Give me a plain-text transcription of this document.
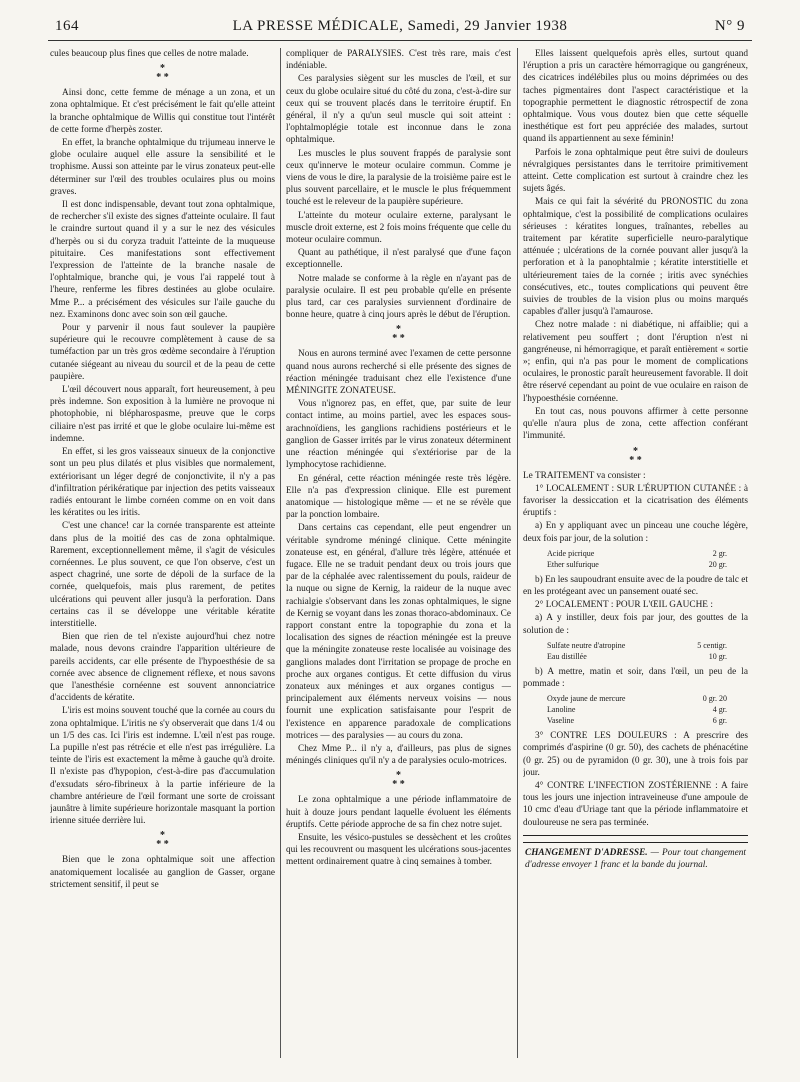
164	LA PRESSE MÉDICALE, Samedi, 29 Janvier 1938	N° 9

cules beaucoup plus fines que celles de notre malade.

*
* *

Ainsi donc, cette femme de ménage a un zona, et un zona ophtalmique. Et c'est précisément le fait qu'elle atteint la branche ophtalmique de Willis qui constitue tout l'intérêt de cette forme d'herpès zoster.

En effet, la branche ophtalmique du trijumeau innerve le globe oculaire auquel elle assure la sensibilité et le trophisme. Aussi son atteinte par le virus zonateux peut-elle déterminer sur l'œil des troubles oculaires plus ou moins graves.

Il est donc indispensable, devant tout zona ophtalmique, de rechercher s'il existe des signes d'atteinte oculaire. Il faut le craindre surtout quand il y a sur le nez des vésicules d'herpès ou si du coryza traduit l'atteinte de la muqueuse pituitaire. Ces manifestations sont effectivement l'expression de l'atteinte de la branche nasale de l'ophtalmique, branche qui, je vous l'ai rappelé tout à l'heure, renferme les fibres destinées au globe oculaire. Mme P... a précisément des vésicules sur l'aile gauche du nez. Examinons donc avec soin son œil gauche.

Pour y parvenir il nous faut soulever la paupière supérieure qui le recouvre complètement à cause de sa tuméfaction par un très gros œdème secondaire à l'éruption cutanée siégeant au niveau du sourcil et de la peau de cette paupière.

L'œil découvert nous apparaît, fort heureusement, à peu près indemne. Son exposition à la lumière ne provoque ni photophobie, ni blépharospasme, preuve que le corps ciliaire n'est pas irrité et que le globe oculaire lui-même est indemne.

En effet, si les gros vaisseaux sinueux de la conjonctive sont un peu plus dilatés et plus visibles que normalement, extériorisant un léger degré de conjonctivite, il n'y a pas d'infiltration périkératique par injection des petits vaisseaux radiés entourant le limbe cornéen comme on en voit dans les kératites ou les iritis.

C'est une chance! car la cornée transparente est atteinte dans plus de la moitié des cas de zona ophtalmique. Rarement, exceptionnellement même, il s'agit de vésicules cornéennes. Le plus souvent, ce que l'on observe, c'est un aspect chagriné, une sorte de dépoli de la surface de la cornée, quelquefois, mais plus rarement, de petites ulcérations qui peuvent aller jusqu'à la perforation. Dans certains cas il se développe une véritable kératite interstitielle.

Bien que rien de tel n'existe aujourd'hui chez notre malade, nous devons craindre l'apparition ultérieure de pareils accidents, car elle présente de l'hypoesthésie de sa cornée avec absence de clignement réflexe, et nous savons que l'anesthésie cornéenne est souvent annonciatrice d'accidents de kératite.

L'iris est moins souvent touché que la cornée au cours du zona ophtalmique. L'iritis ne s'y observerait que dans 1/4 ou un 1/5 des cas. Ici l'iris est indemne. L'œil n'est pas rouge. La pupille n'est pas rétrécie et elle n'est pas irrégulière. La teinte de l'iris est exactement la même à gauche qu'à droite. Il n'existe pas d'hypopion, c'est-à-dire pas d'accumulation d'exsudats séro-fibrineux à la partie inférieure de la chambre antérieure de l'œil formant une sorte de croissant jaunâtre à limite supérieure horizontale masquant la portion irienne située derrière lui.

*
* *

Bien que le zona ophtalmique soit une affection anatomiquement localisée au ganglion de Gasser, organe strictement sensitif, il peut se

compliquer de PARALYSIES. C'est très rare, mais c'est indéniable.

Ces paralysies siègent sur les muscles de l'œil, et sur ceux du globe oculaire situé du côté du zona, c'est-à-dire sur ceux qui se trouvent placés dans le territoire éruptif. En général, il n'y a qu'un seul muscle qui soit atteint : l'ophtalmoplégie totale est inconnue dans le zona ophtalmique.

Les muscles le plus souvent frappés de paralysie sont ceux qu'innerve le moteur oculaire commun. Comme je viens de vous le dire, la paralysie de la troisième paire est le plus souvent parcellaire, et le muscle le plus fréquemment touché est le releveur de la paupière supérieure.

L'atteinte du moteur oculaire externe, paralysant le muscle droit externe, est 2 fois moins fréquente que celle du moteur oculaire commun.

Quant au pathétique, il n'est paralysé que d'une façon exceptionnelle.

Notre malade se conforme à la règle en n'ayant pas de paralysie oculaire. Il est peu probable qu'elle en présente plus tard, car ces paralysies surviennent d'ordinaire de bonne heure, quatre à cinq jours après le début de l'éruption.

*
* *

Nous en aurons terminé avec l'examen de cette personne quand nous aurons recherché si elle présente des signes de réaction méningée traduisant chez elle l'existence d'une MÉNINGITE ZONATEUSE.

Vous n'ignorez pas, en effet, que, par suite de leur contact intime, au moins partiel, avec les espaces sous-arachnoïdiens, les ganglions rachidiens postérieurs et le ganglion de Gasser irrités par le virus zonateux déterminent une réaction méningée qui s'extériorise par de la lymphocytose rachidienne.

En général, cette réaction méningée reste très légère. Elle n'a pas d'expression clinique. Elle est purement anatomique — histologique même — et ne se révèle que par la ponction lombaire.

Dans certains cas cependant, elle peut engendrer un véritable syndrome méningé clinique. Cette méningite zonateuse est, en général, d'allure très légère, atténuée et fugace. Elle ne se traduit pendant deux ou trois jours que par de la céphalée avec ralentissement du pouls, raideur de la nuque ou signe de Kernig, la raideur de la nuque avec rachialgie s'observant dans les zonas ophtalmiques, le signe de Kernig se voyant dans les zonas thoraco-abdominaux. Ce rapport constant entre la topographie du zona et la localisation des signes de réaction méningée est la preuve que la méningite zonateuse reste localisée au voisinage des ganglions malades dont l'irritation se propage de proche en proche aux organes contigus. Et cette diffusion du virus zonateux aux méninges et aux organes contigus — principalement aux éléments nerveux voisins — nous fournit une explication satisfaisante pour l'esprit de l'existence en apparence paradoxale de complications motrices — des paralysies — au cours du zona.

Chez Mme P... il n'y a, d'ailleurs, pas plus de signes méningés cliniques qu'il n'y a de paralysies oculo-motrices.

*
* *

Le zona ophtalmique a une période inflammatoire de huit à douze jours pendant laquelle évoluent les éléments éruptifs. Cette période approche de sa fin chez notre sujet.

Ensuite, les vésico-pustules se dessèchent et les croûtes qui les recouvrent ou masquent les ulcérations sous-jacentes mettent ordinairement quatre à cinq semaines à tomber.

Elles laissent quelquefois après elles, surtout quand l'éruption a pris un caractère hémorragique ou gangréneux, des cicatrices indélébiles plus ou moins déprimées ou des taches pigmentaires dont l'aspect caractéristique et la topographie permettent le diagnostic rétrospectif de zona ophtalmique. Vous vous doutez bien que cette séquelle inesthétique est fort peu appréciée des malades, surtout quand ils appartiennent au sexe féminin!

Parfois le zona ophtalmique peut être suivi de douleurs névralgiques persistantes dans le territoire primitivement atteint. Cette complication est surtout à craindre chez les sujets âgés.

Mais ce qui fait la sévérité du PRONOSTIC du zona ophtalmique, c'est la possibilité de complications oculaires sérieuses : kératites longues, traînantes, rebelles au traitement par kératite superficielle neuro-paralytique atténuée ; ulcérations de la cornée pouvant aller jusqu'à la perforation et à la panophtalmie ; kératite interstitielle et ultérieurement taies de la cornée ; iritis avec synéchies consécutives, etc., toutes complications qui peuvent être suivies de troubles de la vision plus ou moins marqués capables d'aller jusqu'à l'amaurose.

Chez notre malade : ni diabétique, ni affaiblie; qui a relativement peu souffert ; dont l'éruption n'est ni gangréneuse, ni hémorragique, et paraît entièrement « sortie »; enfin, qui n'a pas pour le moment de complications oculaires, le pronostic paraît heureusement favorable. Il doit être réservé cependant au point de vue oculaire en raison de l'hypoesthésie cornéenne.

En tout cas, nous pouvons affirmer à cette personne qu'elle n'aura plus de zona, cette affection conférant l'immunité.

*
* *

Le TRAITEMENT va consister :

1° LOCALEMENT : SUR L'ÉRUPTION CUTANÉE : à favoriser la dessiccation et la cicatrisation des éléments éruptifs :

a) En y appliquant avec un pinceau une couche légère, deux fois par jour, de la solution :

Acide picrique	2 gr.
Ether sulfurique	20 gr.

b) En les saupoudrant ensuite avec de la poudre de talc et en les protégeant avec un pansement ouaté sec.

2° LOCALEMENT : POUR L'ŒIL GAUCHE :

a) A y instiller, deux fois par jour, des gouttes de la solution de :

Sulfate neutre d'atropine	5 centigr.
Eau distillée	10 gr.

b) A mettre, matin et soir, dans l'œil, un peu de la pommade :

Oxyde jaune de mercure	0 gr. 20
Lanoline	4 gr.
Vaseline	6 gr.

3° CONTRE LES DOULEURS : A prescrire des comprimés d'aspirine (0 gr. 50), des cachets de phénacétine (0 gr. 25) ou de pyramidon (0 gr. 30), une à trois fois par jour.

4° CONTRE L'INFECTION ZOSTÉRIENNE : A faire tous les jours une injection intraveineuse d'une ampoule de 10 cmc d'eau d'Uriage tant que la période inflammatoire et douloureuse ne sera pas terminée.

CHANGEMENT D'ADRESSE. — Pour tout changement d'adresse envoyer 1 franc et la bande du journal.
